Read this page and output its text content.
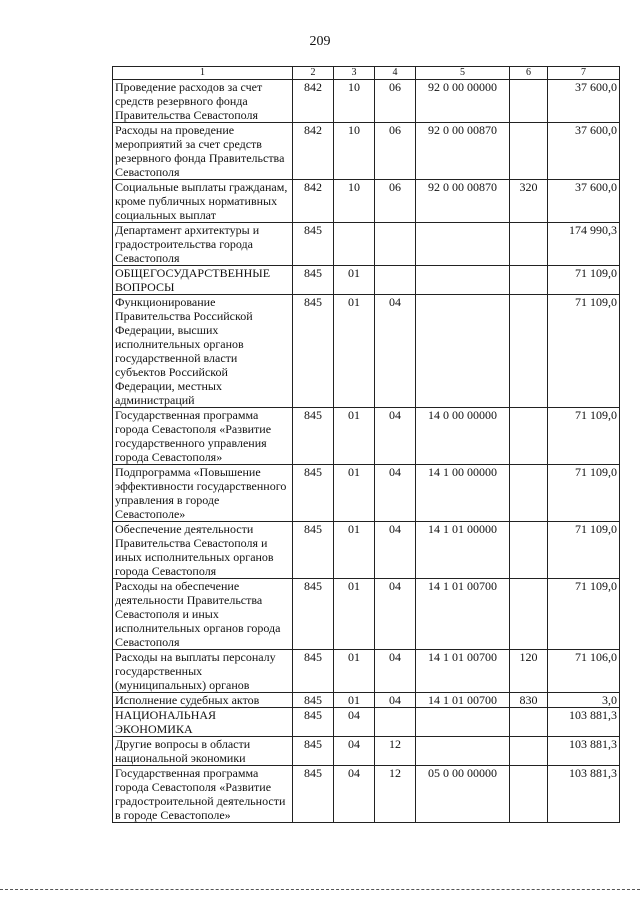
209
1	2	3	4	5	6	7
Проведение расходов за счет средств резервного фонда Правительства Севастополя	842	10	06	92 0 00 00000		37 600,0
Расходы на проведение мероприятий за счет средств резервного фонда Правительства Севастополя	842	10	06	92 0 00 00870		37 600,0
Социальные выплаты гражданам, кроме публичных нормативных социальных выплат	842	10	06	92 0 00 00870	320	37 600,0
Департамент архитектуры и градостроительства города Севастополя	845					174 990,3
ОБЩЕГОСУДАРСТВЕННЫЕ ВОПРОСЫ	845	01				71 109,0
Функционирование Правительства Российской Федерации, высших исполнительных органов государственной власти субъектов Российской Федерации, местных администраций	845	01	04			71 109,0
Государственная программа города Севастополя «Развитие государственного управления города Севастополя»	845	01	04	14 0 00 00000		71 109,0
Подпрограмма «Повышение эффективности государственного управления в городе Севастополе»	845	01	04	14 1 00 00000		71 109,0
Обеспечение деятельности Правительства Севастополя и иных исполнительных органов города Севастополя	845	01	04	14 1 01 00000		71 109,0
Расходы на обеспечение деятельности Правительства Севастополя и иных исполнительных органов города Севастополя	845	01	04	14 1 01 00700		71 109,0
Расходы на выплаты персоналу государственных (муниципальных) органов	845	01	04	14 1 01 00700	120	71 106,0
Исполнение судебных актов	845	01	04	14 1 01 00700	830	3,0
НАЦИОНАЛЬНАЯ ЭКОНОМИКА	845	04				103 881,3
Другие вопросы в области национальной экономики	845	04	12			103 881,3
Государственная программа города Севастополя «Развитие градостроительной деятельности в городе Севастополе»	845	04	12	05 0 00 00000		103 881,3
